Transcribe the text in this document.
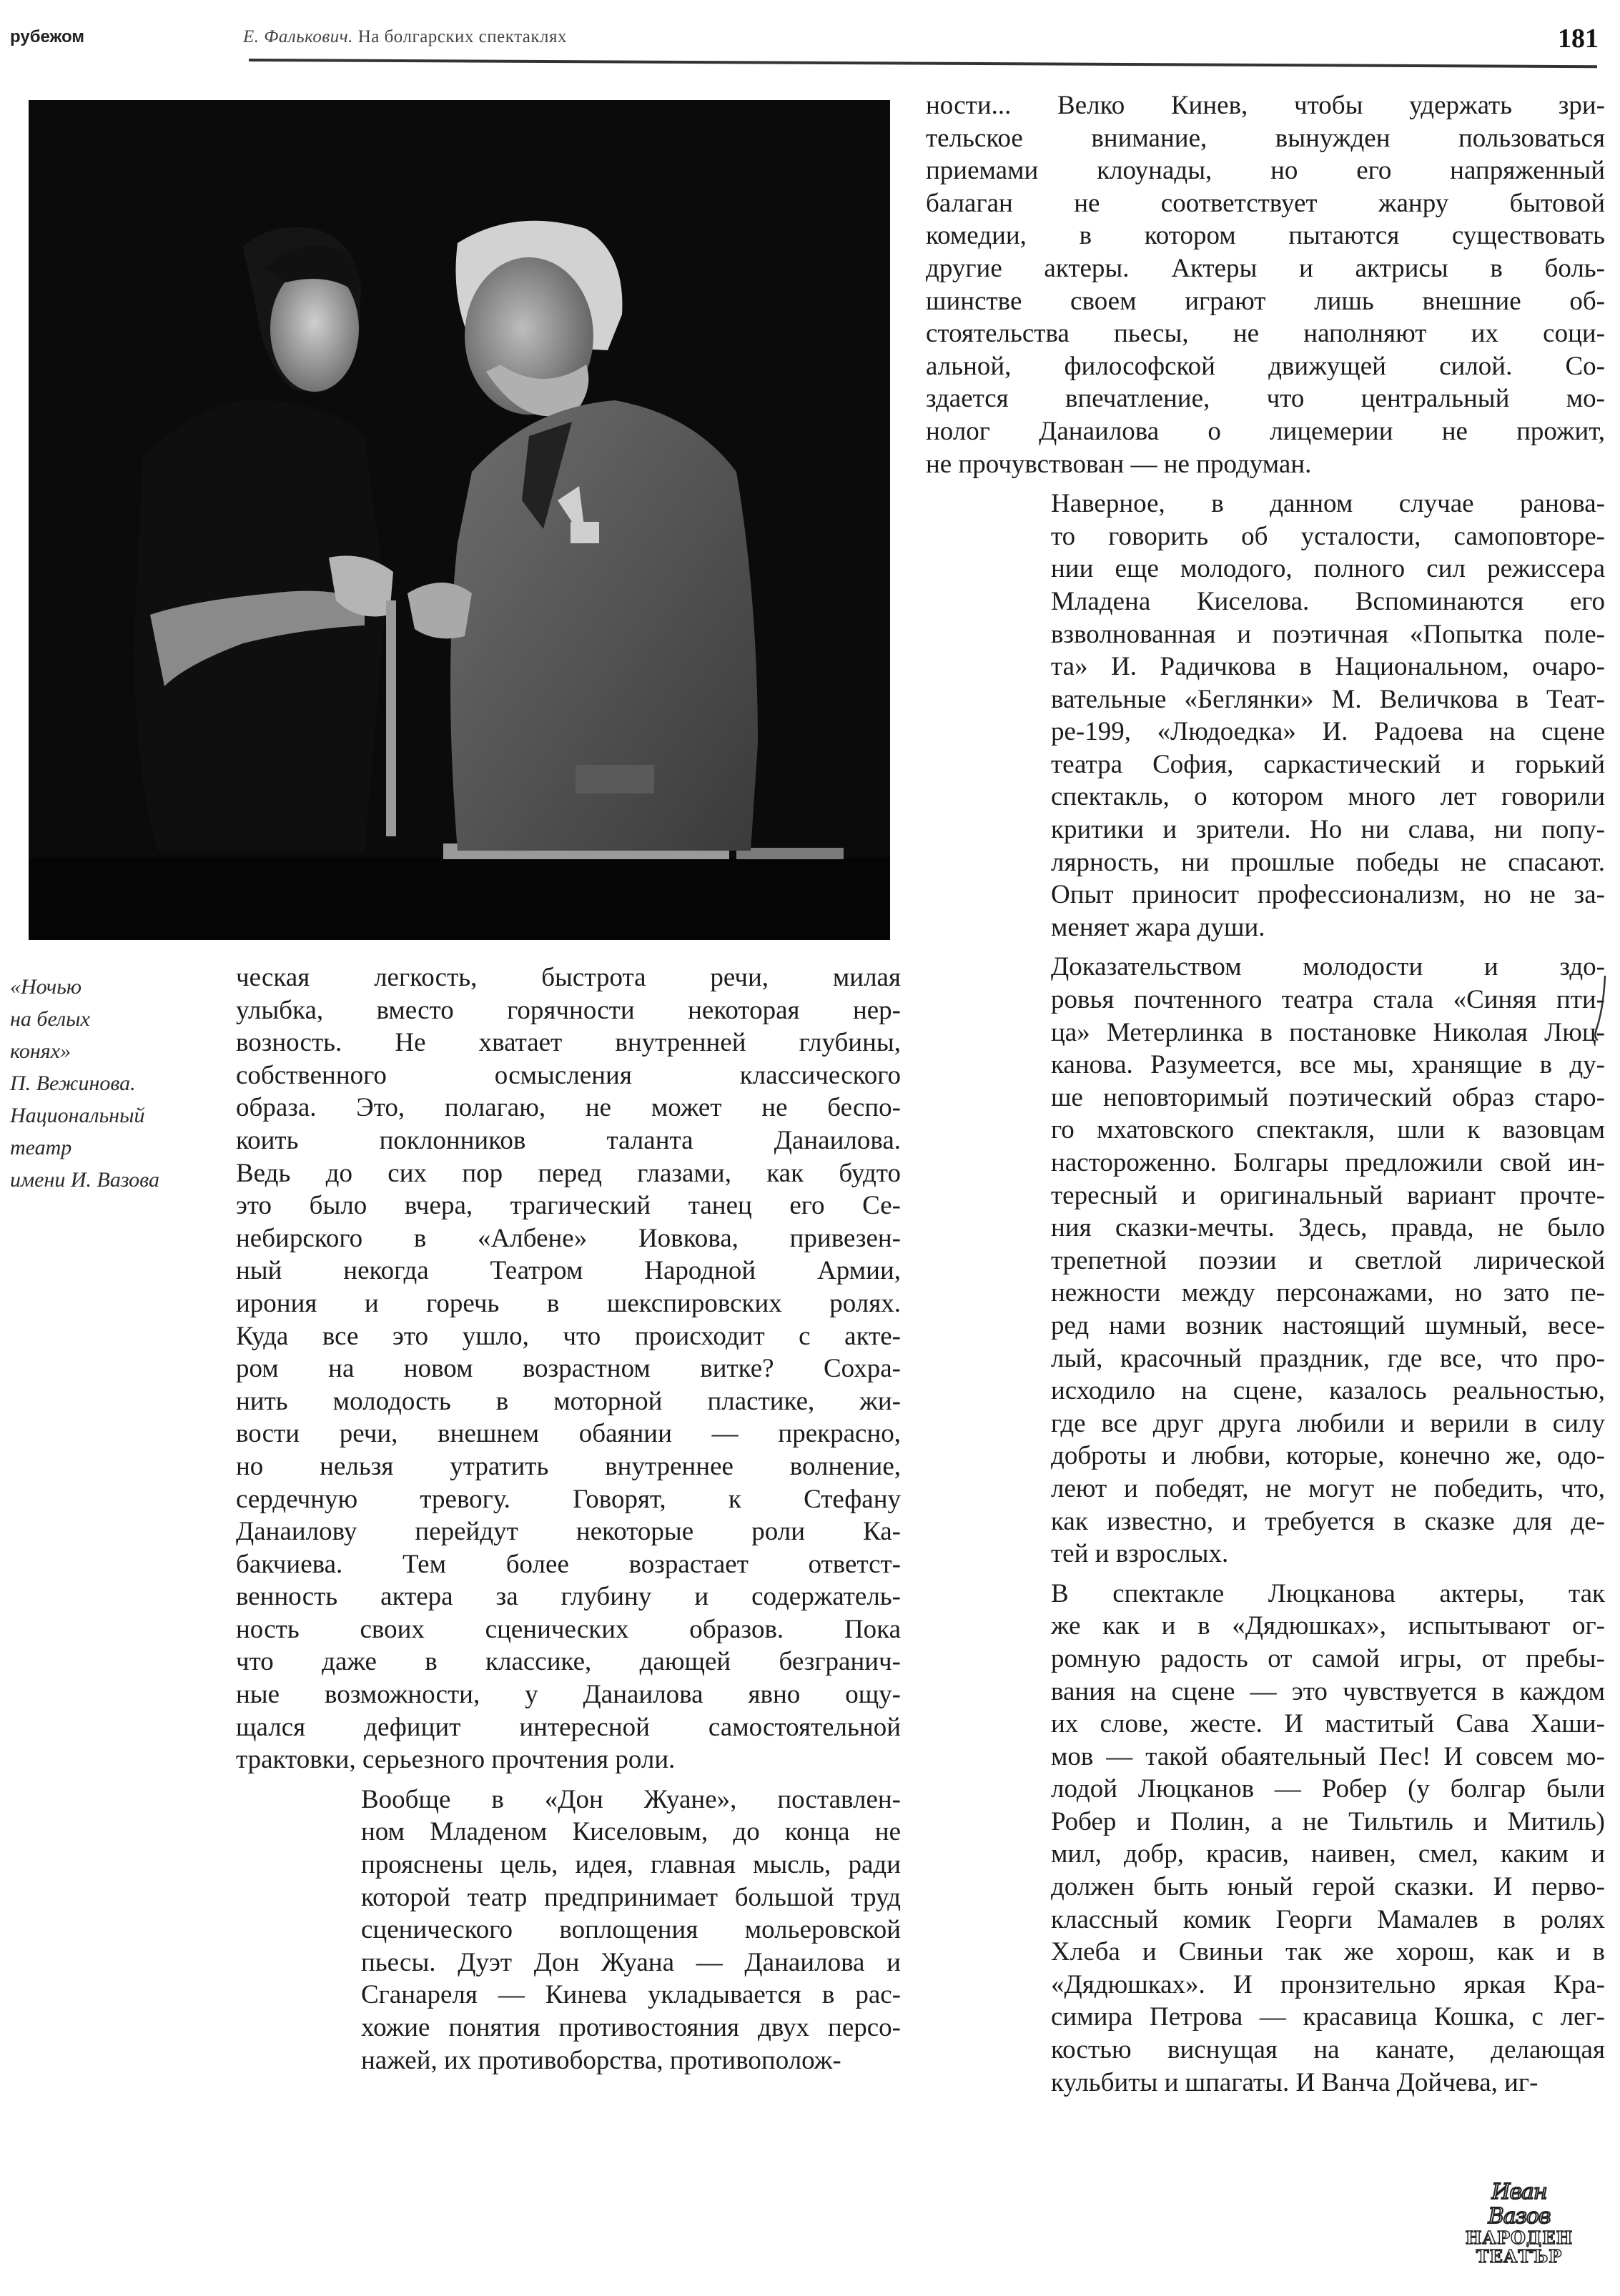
рубежом	Е. Фалькович. На болгарских спектаклях	181
«Ночью
на белых
конях»
П. Вежинова.
Национальный
театр
имени И. Вазова

ческая легкость, быстрота речи, милая
улыбка, вместо горячности некоторая нер-
возность. Не хватает внутренней глубины,
собственного осмысления классического
образа. Это, полагаю, не может не беспо-
коить поклонников таланта Данаилова.
Ведь до сих пор перед глазами, как будто
это было вчера, трагический танец его Се-
небирского в «Албене» Иовкова, привезен-
ный некогда Театром Народной Армии,
ирония и горечь в шекспировских ролях.
Куда все это ушло, что происходит с акте-
ром на новом возрастном витке? Сохра-
нить молодость в моторной пластике, жи-
вости речи, внешнем обаянии — прекрасно,
но нельзя утратить внутреннее волнение,
сердечную тревогу. Говорят, к Стефану
Данаилову перейдут некоторые роли Ка-
бакчиева. Тем более возрастает ответст-
венность актера за глубину и содержатель-
ность своих сценических образов. Пока
что даже в классике, дающей безгранич-
ные возможности, у Данаилова явно ощу-
щался дефицит интересной самостоятельной
трактовки, серьезного прочтения роли.

Вообще в «Дон Жуане», поставлен-
ном Младеном Киселовым, до конца не
прояснены цель, идея, главная мысль, ради
которой театр предпринимает большой труд
сценического воплощения мольеровской
пьесы. Дуэт Дон Жуана — Данаилова и
Сганареля — Кинева укладывается в рас-
хожие понятия противостояния двух персо-
нажей, их противоборства, противополож-

ности... Велко Кинев, чтобы удержать зри-
тельское внимание, вынужден пользоваться
приемами клоунады, но его напряженный
балаган не соответствует жанру бытовой
комедии, в котором пытаются существовать
другие актеры. Актеры и актрисы в боль-
шинстве своем играют лишь внешние об-
стоятельства пьесы, не наполняют их соци-
альной, философской движущей силой. Со-
здается впечатление, что центральный мо-
нолог Данаилова о лицемерии не прожит,
не прочувствован — не продуман.

Наверное, в данном случае ранова-
то говорить об усталости, самоповторе-
нии еще молодого, полного сил режиссера
Младена Киселова. Вспоминаются его
взволнованная и поэтичная «Попытка поле-
та» И. Радичкова в Национальном, очаро-
вательные «Беглянки» М. Величкова в Теат-
ре-199, «Людоедка» И. Радоева на сцене
театра София, саркастический и горький
спектакль, о котором много лет говорили
критики и зрители. Но ни слава, ни попу-
лярность, ни прошлые победы не спасают.
Опыт приносит профессионализм, но не за-
меняет жара души.

Доказательством молодости и здо-
ровья почтенного театра стала «Синяя пти-
ца» Метерлинка в постановке Николая Люц-
канова. Разумеется, все мы, хранящие в ду-
ше неповторимый поэтический образ старо-
го мхатовского спектакля, шли к вазовцам
настороженно. Болгары предложили свой ин-
тересный и оригинальный вариант прочте-
ния сказки-мечты. Здесь, правда, не было
трепетной поэзии и светлой лирической
нежности между персонажами, но зато пе-
ред нами возник настоящий шумный, весе-
лый, красочный праздник, где все, что про-
исходило на сцене, казалось реальностью,
где все друг друга любили и верили в силу
доброты и любви, которые, конечно же, одо-
леют и победят, не могут не победить, что,
как известно, и требуется в сказке для де-
тей и взрослых.

В спектакле Люцканова актеры, так
же как и в «Дядюшках», испытывают ог-
ромную радость от самой игры, от пребы-
вания на сцене — это чувствуется в каждом
их слове, жесте. И маститый Сава Хаши-
мов — такой обаятельный Пес! И совсем мо-
лодой Люцканов — Робер (у болгар были
Робер и Полин, а не Тильтиль и Митиль)
мил, добр, красив, наивен, смел, каким и
должен быть юный герой сказки. И перво-
классный комик Георги Мамалев в ролях
Хлеба и Свиньи так же хорош, как и в
«Дядюшках». И пронзительно яркая Кра-
симира Петрова — красавица Кошка, с лег-
костью виснущая на канате, делающая
кульбиты и шпагаты. И Ванча Дойчева, иг-

Иван Вазов
НАРОДЕН
ТЕАТЪР
